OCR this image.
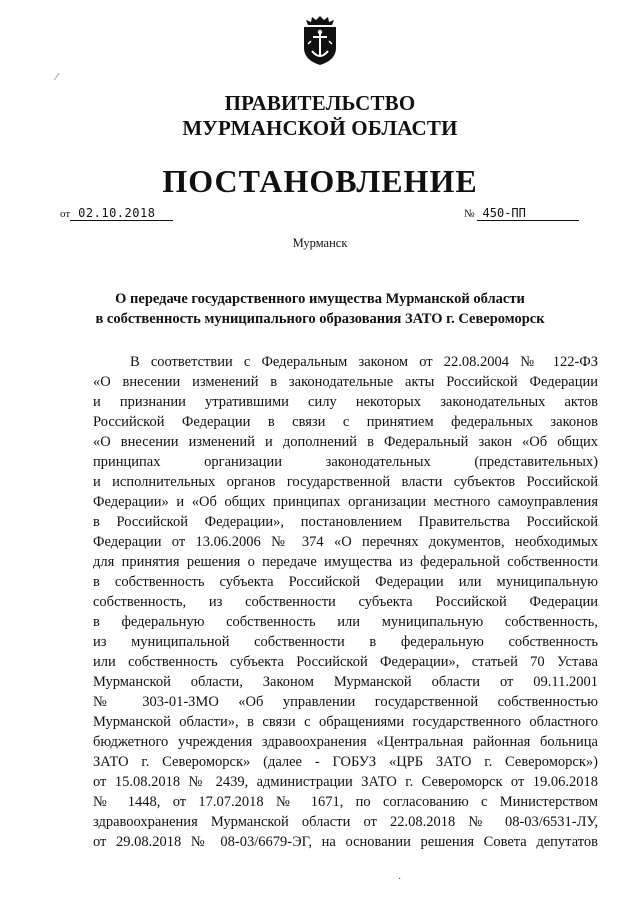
ПРАВИТЕЛЬСТВО
МУРМАНСКОЙ ОБЛАСТИ
ПОСТАНОВЛЕНИЕ
от 02.10.2018	№ 450-ПП
Мурманск
О передаче государственного имущества Мурманской области
в собственность муниципального образования ЗАТО г. Североморск
В соответствии с Федеральным законом от 22.08.2004 № 122-ФЗ
«О внесении изменений в законодательные акты Российской Федерации
и признании утратившими силу некоторых законодательных актов
Российской Федерации в связи с принятием федеральных законов
«О внесении изменений и дополнений в Федеральный закон «Об общих
принципах организации законодательных (представительных)
и исполнительных органов государственной власти субъектов Российской
Федерации» и «Об общих принципах организации местного самоуправления
в Российской Федерации», постановлением Правительства Российской
Федерации от 13.06.2006 № 374 «О перечнях документов, необходимых
для принятия решения о передаче имущества из федеральной собственности
в собственность субъекта Российской Федерации или муниципальную
собственность, из собственности субъекта Российской Федерации
в федеральную собственность или муниципальную собственность,
из муниципальной собственности в федеральную собственность
или собственность субъекта Российской Федерации», статьей 70 Устава
Мурманской области, Законом Мурманской области от 09.11.2001
№ 303-01-ЗМО «Об управлении государственной собственностью
Мурманской области», в связи с обращениями государственного областного
бюджетного учреждения здравоохранения «Центральная районная больница
ЗАТО г. Североморск» (далее - ГОБУЗ «ЦРБ ЗАТО г. Североморск»)
от 15.08.2018 № 2439, администрации ЗАТО г. Североморск от 19.06.2018
№ 1448, от 17.07.2018 № 1671, по согласованию с Министерством
здравоохранения Мурманской области от 22.08.2018 № 08-03/6531-ЛУ,
от 29.08.2018 № 08-03/6679-ЭГ, на основании решения Совета депутатов
⁄
·
